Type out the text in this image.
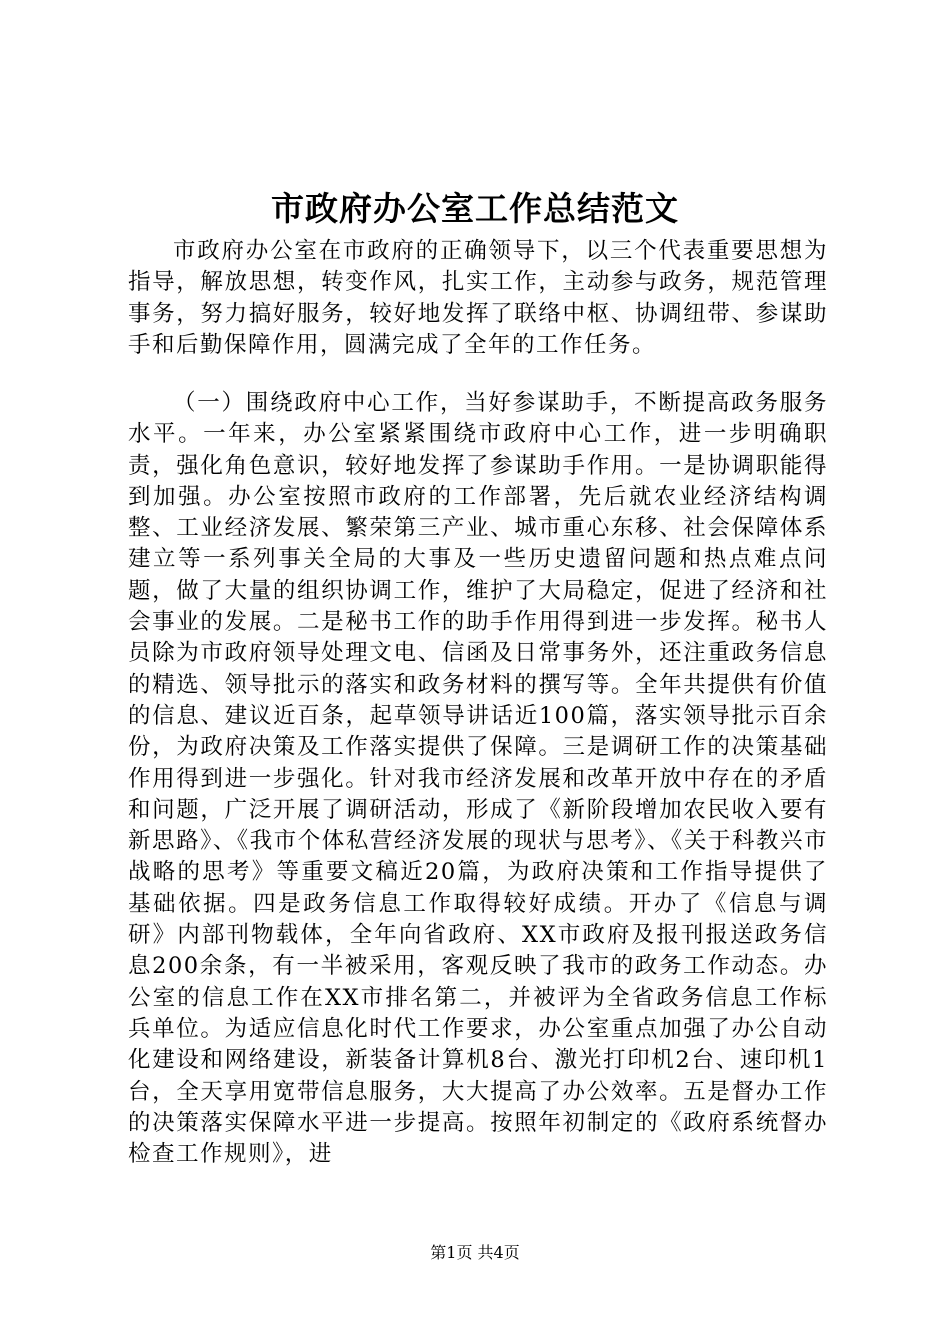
市政府办公室工作总结范文

市政府办公室在市政府的正确领导下，以三个代表重要思想为指导，解放思想，转变作风，扎实工作，主动参与政务，规范管理事务，努力搞好服务，较好地发挥了联络中枢、协调纽带、参谋助手和后勤保障作用，圆满完成了全年的工作任务。

（一）围绕政府中心工作，当好参谋助手，不断提高政务服务水平。一年来，办公室紧紧围绕市政府中心工作，进一步明确职责，强化角色意识，较好地发挥了参谋助手作用。一是协调职能得到加强。办公室按照市政府的工作部署，先后就农业经济结构调整、工业经济发展、繁荣第三产业、城市重心东移、社会保障体系建立等一系列事关全局的大事及一些历史遗留问题和热点难点问题，做了大量的组织协调工作，维护了大局稳定，促进了经济和社会事业的发展。二是秘书工作的助手作用得到进一步发挥。秘书人员除为市政府领导处理文电、信函及日常事务外，还注重政务信息的精选、领导批示的落实和政务材料的撰写等。全年共提供有价值的信息、建议近百条，起草领导讲话近100篇，落实领导批示百余份，为政府决策及工作落实提供了保障。三是调研工作的决策基础作用得到进一步强化。针对我市经济发展和改革开放中存在的矛盾和问题，广泛开展了调研活动，形成了《新阶段增加农民收入要有新思路》、《我市个体私营经济发展的现状与思考》、《关于科教兴市战略的思考》等重要文稿近20篇，为政府决策和工作指导提供了基础依据。四是政务信息工作取得较好成绩。开办了《信息与调研》内部刊物载体，全年向省政府、XX市政府及报刊报送政务信息200余条，有一半被采用，客观反映了我市的政务工作动态。办公室的信息工作在XX市排名第二，并被评为全省政务信息工作标兵单位。为适应信息化时代工作要求，办公室重点加强了办公自动化建设和网络建设，新装备计算机8台、激光打印机2台、速印机1台，全天享用宽带信息服务，大大提高了办公效率。五是督办工作的决策落实保障水平进一步提高。按照年初制定的《政府系统督办检查工作规则》，进

第1页 共4页
